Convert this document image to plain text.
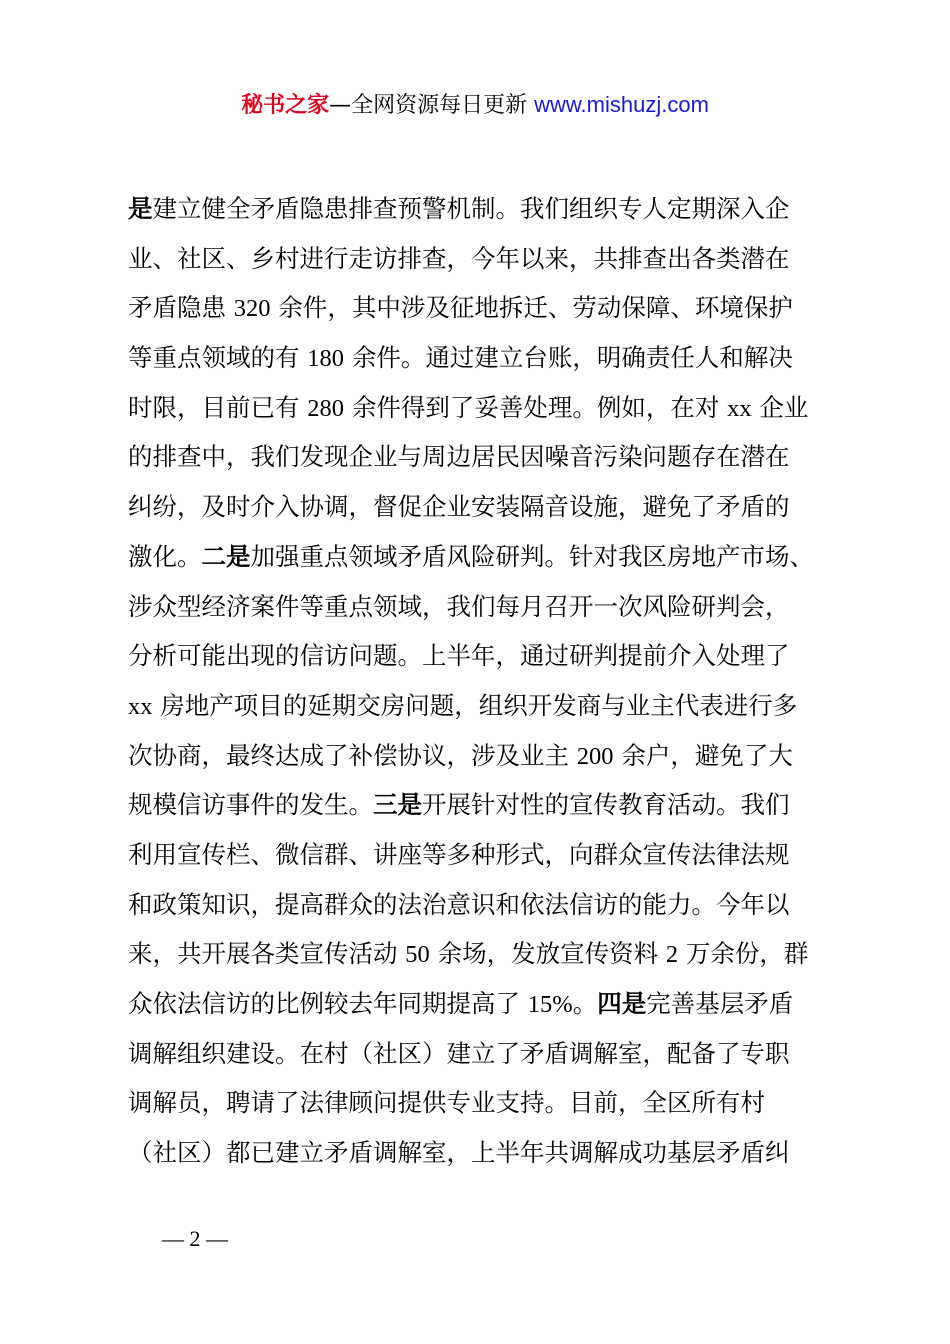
秘书之家—全网资源每日更新 www.mishuzj.com
是建立健全矛盾隐患排查预警机制。我们组织专人定期深入企
业、社区、乡村进行走访排查，今年以来，共排查出各类潜在
矛盾隐患 320 余件，其中涉及征地拆迁、劳动保障、环境保护
等重点领域的有 180 余件。通过建立台账，明确责任人和解决
时限，目前已有 280 余件得到了妥善处理。例如，在对 xx 企业
的排查中，我们发现企业与周边居民因噪音污染问题存在潜在
纠纷，及时介入协调，督促企业安装隔音设施，避免了矛盾的
激化。二是加强重点领域矛盾风险研判。针对我区房地产市场、
涉众型经济案件等重点领域，我们每月召开一次风险研判会，
分析可能出现的信访问题。上半年，通过研判提前介入处理了
xx 房地产项目的延期交房问题，组织开发商与业主代表进行多
次协商，最终达成了补偿协议，涉及业主 200 余户，避免了大
规模信访事件的发生。三是开展针对性的宣传教育活动。我们
利用宣传栏、微信群、讲座等多种形式，向群众宣传法律法规
和政策知识，提高群众的法治意识和依法信访的能力。今年以
来，共开展各类宣传活动 50 余场，发放宣传资料 2 万余份，群
众依法信访的比例较去年同期提高了 15%。四是完善基层矛盾
调解组织建设。在村（社区）建立了矛盾调解室，配备了专职
调解员，聘请了法律顾问提供专业支持。目前，全区所有村
（社区）都已建立矛盾调解室，上半年共调解成功基层矛盾纠
— 2 —
